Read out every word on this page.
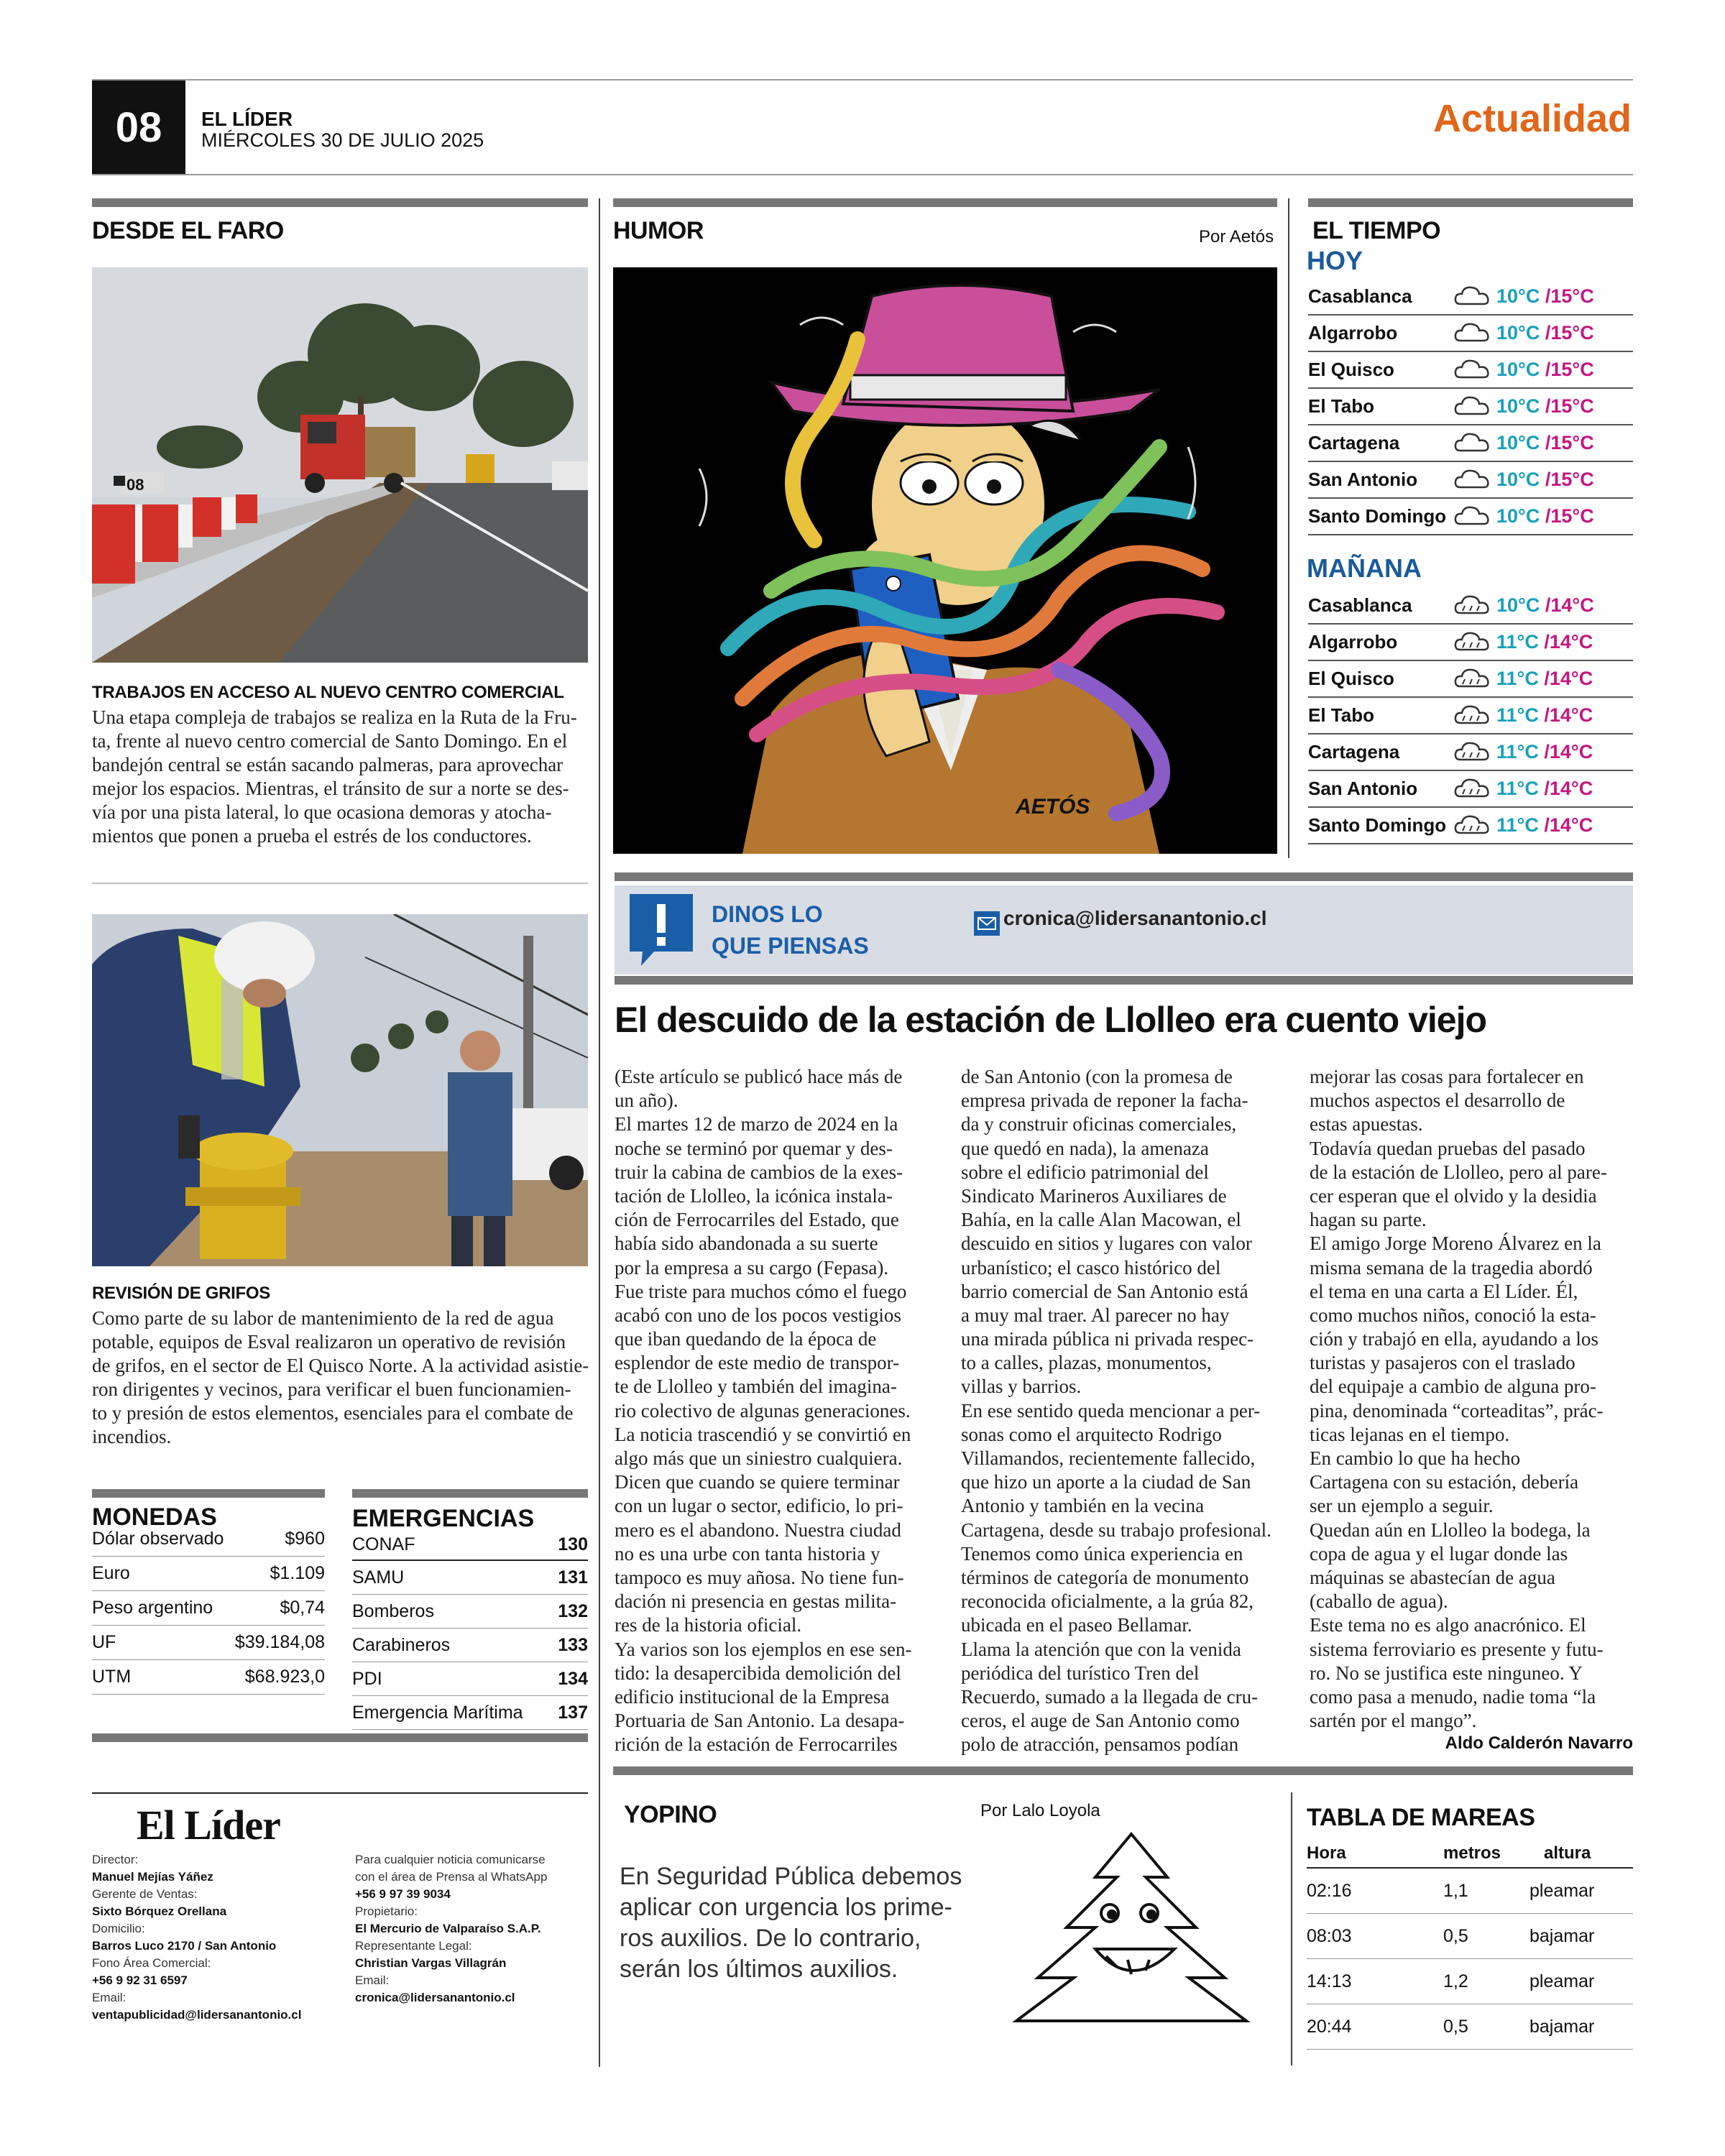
08	EL LÍDER
MIÉRCOLES 30 DE JULIO 2025	Actualidad
DESDE EL FARO
08
TRABAJOS EN ACCESO AL NUEVO CENTRO COMERCIAL
Una etapa compleja de trabajos se realiza en la Ruta de la Fru-
ta, frente al nuevo centro comercial de Santo Domingo. En el
bandejón central se están sacando palmeras, para aprovechar
mejor los espacios. Mientras, el tránsito de sur a norte se des-
vía por una pista lateral, lo que ocasiona demoras y atocha-
mientos que ponen a prueba el estrés de los conductores.
REVISIÓN DE GRIFOS
Como parte de su labor de mantenimiento de la red de agua
potable, equipos de Esval realizaron un operativo de revisión
de grifos, en el sector de El Quisco Norte. A la actividad asistie-
ron dirigentes y vecinos, para verificar el buen funcionamien-
to y presión de estos elementos, esenciales para el combate de
incendios.
MONEDAS
Dólar observado	$960
Euro	$1.109
Peso argentino	$0,74
UF	$39.184,08
UTM	$68.923,0
EMERGENCIAS
CONAF	130
SAMU	131
Bomberos	132
Carabineros	133
PDI	134
Emergencia Marítima 137
El Líder
Director:
Manuel Mejías Yáñez
Gerente de Ventas:
Sixto Bórquez Orellana
Domicilio:
Barros Luco 2170 / San Antonio
Fono Área Comercial:
+56 9 92 31 6597
Email:
ventapublicidad@lidersanantonio.cl
Para cualquier noticia comunicarse
con el área de Prensa al WhatsApp
+56 9 97 39 9034
Propietario:
El Mercurio de Valparaíso S.A.P.
Representante Legal:
Christian Vargas Villagrán
Email:
cronica@lidersanantonio.cl
HUMOR	Por Aetós
AETÓS
EL TIEMPO
HOY
Casablanca	10°C /15°C
Algarrobo	10°C /15°C
El Quisco	10°C /15°C
El Tabo	10°C /15°C
Cartagena	10°C /15°C
San Antonio	10°C /15°C
Santo Domingo	10°C /15°C
MAÑANA
Casablanca	10°C /14°C
Algarrobo	11°C /14°C
El Quisco	11°C /14°C
El Tabo	11°C /14°C
Cartagena	11°C /14°C
San Antonio	11°C /14°C
Santo Domingo	11°C /14°C
DINOS LO
QUE PIENSAS
cronica@lidersanantonio.cl
El descuido de la estación de Llolleo era cuento viejo
(Este artículo se publicó hace más de
un año).
El martes 12 de marzo de 2024 en la
noche se terminó por quemar y des-
truir la cabina de cambios de la exes-
tación de Llolleo, la icónica instala-
ción de Ferrocarriles del Estado, que
había sido abandonada a su suerte
por la empresa a su cargo (Fepasa).
Fue triste para muchos cómo el fuego
acabó con uno de los pocos vestigios
que iban quedando de la época de
esplendor de este medio de transpor-
te de Llolleo y también del imagina-
rio colectivo de algunas generaciones.
La noticia trascendió y se convirtió en
algo más que un siniestro cualquiera.
Dicen que cuando se quiere terminar
con un lugar o sector, edificio, lo pri-
mero es el abandono. Nuestra ciudad
no es una urbe con tanta historia y
tampoco es muy añosa. No tiene fun-
dación ni presencia en gestas milita-
res de la historia oficial.
Ya varios son los ejemplos en ese sen-
tido: la desapercibida demolición del
edificio institucional de la Empresa
Portuaria de San Antonio. La desapa-
rición de la estación de Ferrocarriles
de San Antonio (con la promesa de
empresa privada de reponer la facha-
da y construir oficinas comerciales,
que quedó en nada), la amenaza
sobre el edificio patrimonial del
Sindicato Marineros Auxiliares de
Bahía, en la calle Alan Macowan, el
descuido en sitios y lugares con valor
urbanístico; el casco histórico del
barrio comercial de San Antonio está
a muy mal traer. Al parecer no hay
una mirada pública ni privada respec-
to a calles, plazas, monumentos,
villas y barrios.
En ese sentido queda mencionar a per-
sonas como el arquitecto Rodrigo
Villamandos, recientemente fallecido,
que hizo un aporte a la ciudad de San
Antonio y también en la vecina
Cartagena, desde su trabajo profesional.
Tenemos como única experiencia en
términos de categoría de monumento
reconocida oficialmente, a la grúa 82,
ubicada en el paseo Bellamar.
Llama la atención que con la venida
periódica del turístico Tren del
Recuerdo, sumado a la llegada de cru-
ceros, el auge de San Antonio como
polo de atracción, pensamos podían
mejorar las cosas para fortalecer en
muchos aspectos el desarrollo de
estas apuestas.
Todavía quedan pruebas del pasado
de la estación de Llolleo, pero al pare-
cer esperan que el olvido y la desidia
hagan su parte.
El amigo Jorge Moreno Álvarez en la
misma semana de la tragedia abordó
el tema en una carta a El Líder. Él,
como muchos niños, conoció la esta-
ción y trabajó en ella, ayudando a los
turistas y pasajeros con el traslado
del equipaje a cambio de alguna pro-
pina, denominada “corteaditas”, prác-
ticas lejanas en el tiempo.
En cambio lo que ha hecho
Cartagena con su estación, debería
ser un ejemplo a seguir.
Quedan aún en Llolleo la bodega, la
copa de agua y el lugar donde las
máquinas se abastecían de agua
(caballo de agua).
Este tema no es algo anacrónico. El
sistema ferroviario es presente y futu-
ro. No se justifica este ninguneo. Y
como pasa a menudo, nadie toma “la
sartén por el mango”.
Aldo Calderón Navarro
YOPINO	Por Lalo Loyola
En Seguridad Pública debemos
aplicar con urgencia los prime-
ros auxilios. De lo contrario,
serán los últimos auxilios.
TABLA DE MAREAS
Hora	metros	altura
02:16	1,1	pleamar
08:03	0,5	bajamar
14:13	1,2	pleamar
20:44	0,5	bajamar
